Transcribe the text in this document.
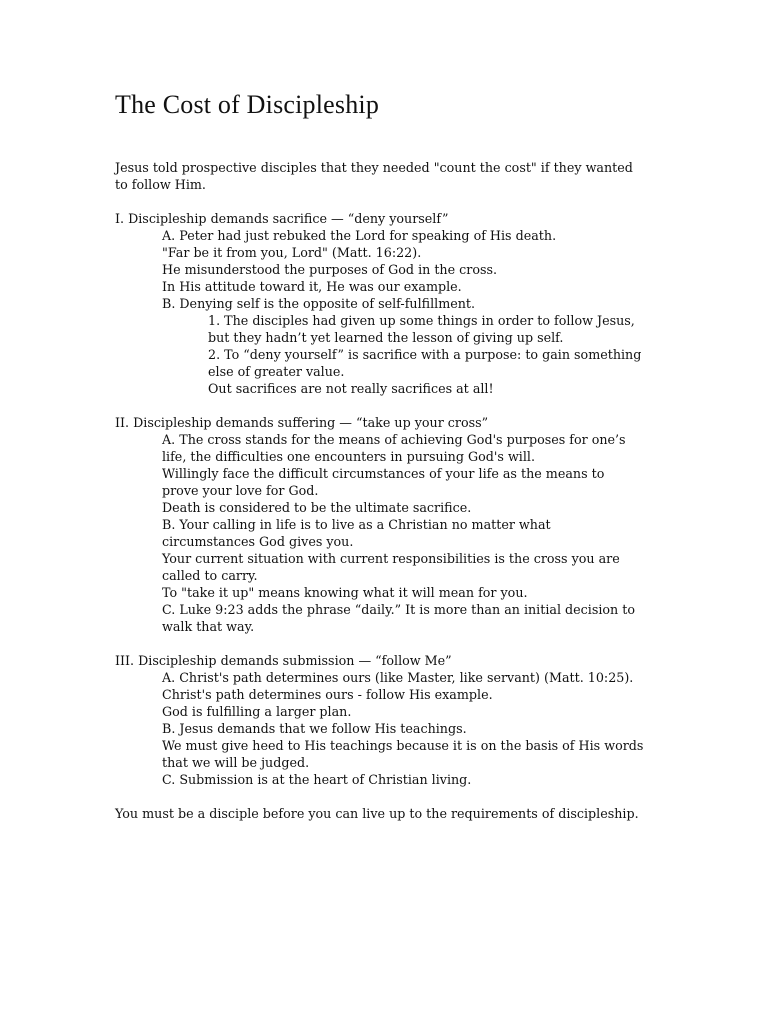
The Cost of Discipleship
Jesus told prospective disciples that they needed "count the cost" if they wanted
to follow Him.
I. Discipleship demands sacrifice — “deny yourself”
A. Peter had just rebuked the Lord for speaking of His death.
"Far be it from you, Lord" (Matt. 16:22).
He misunderstood the purposes of God in the cross.
In His attitude toward it, He was our example.
B. Denying self is the opposite of self-fulfillment.
1. The disciples had given up some things in order to follow Jesus,
but they hadn’t yet learned the lesson of giving up self.
2. To “deny yourself” is sacrifice with a purpose: to gain something
else of greater value.
Out sacrifices are not really sacrifices at all!
II. Discipleship demands suffering — “take up your cross”
A. The cross stands for the means of achieving God's purposes for one’s
life, the difficulties one encounters in pursuing God's will.
Willingly face the difficult circumstances of your life as the means to
prove your love for God.
Death is considered to be the ultimate sacrifice.
B. Your calling in life is to live as a Christian no matter what
circumstances God gives you.
Your current situation with current responsibilities is the cross you are
called to carry.
To "take it up" means knowing what it will mean for you.
C. Luke 9:23 adds the phrase “daily.” It is more than an initial decision to
walk that way.
III. Discipleship demands submission — “follow Me”
A. Christ's path determines ours (like Master, like servant) (Matt. 10:25).
Christ's path determines ours - follow His example.
God is fulfilling a larger plan.
B. Jesus demands that we follow His teachings.
We must give heed to His teachings because it is on the basis of His words
that we will be judged.
C. Submission is at the heart of Christian living.
You must be a disciple before you can live up to the requirements of discipleship.
